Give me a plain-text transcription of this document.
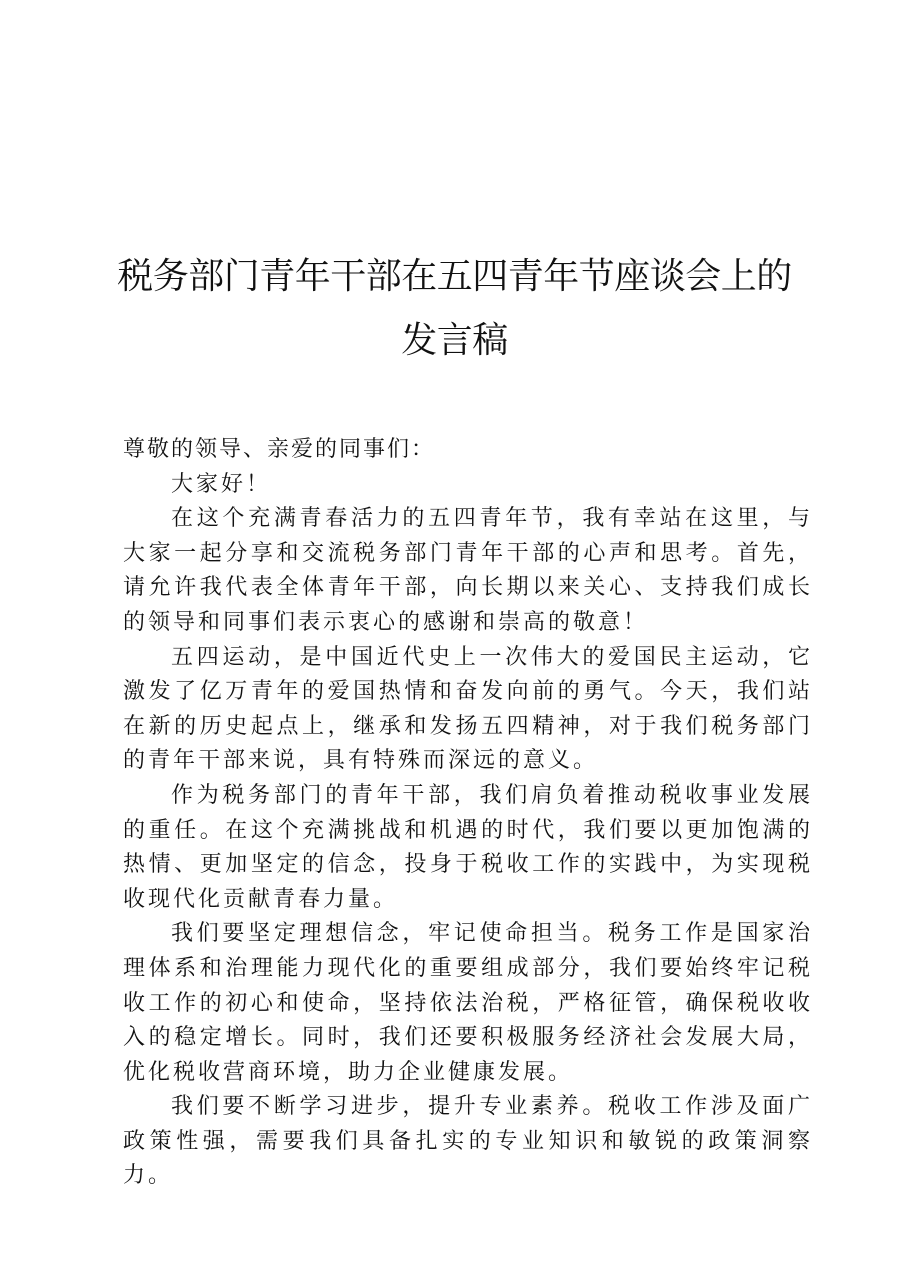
税务部门青年干部在五四青年节座谈会上的发言稿

尊敬的领导、亲爱的同事们：

大家好！

在这个充满青春活力的五四青年节，我有幸站在这里，与大家一起分享和交流税务部门青年干部的心声和思考。首先，请允许我代表全体青年干部，向长期以来关心、支持我们成长的领导和同事们表示衷心的感谢和崇高的敬意！

五四运动，是中国近代史上一次伟大的爱国民主运动，它激发了亿万青年的爱国热情和奋发向前的勇气。今天，我们站在新的历史起点上，继承和发扬五四精神，对于我们税务部门的青年干部来说，具有特殊而深远的意义。

作为税务部门的青年干部，我们肩负着推动税收事业发展的重任。在这个充满挑战和机遇的时代，我们要以更加饱满的热情、更加坚定的信念，投身于税收工作的实践中，为实现税收现代化贡献青春力量。

我们要坚定理想信念，牢记使命担当。税务工作是国家治理体系和治理能力现代化的重要组成部分，我们要始终牢记税收工作的初心和使命，坚持依法治税，严格征管，确保税收收入的稳定增长。同时，我们还要积极服务经济社会发展大局，优化税收营商环境，助力企业健康发展。

我们要不断学习进步，提升专业素养。税收工作涉及面广政策性强，需要我们具备扎实的专业知识和敏锐的政策洞察力。
